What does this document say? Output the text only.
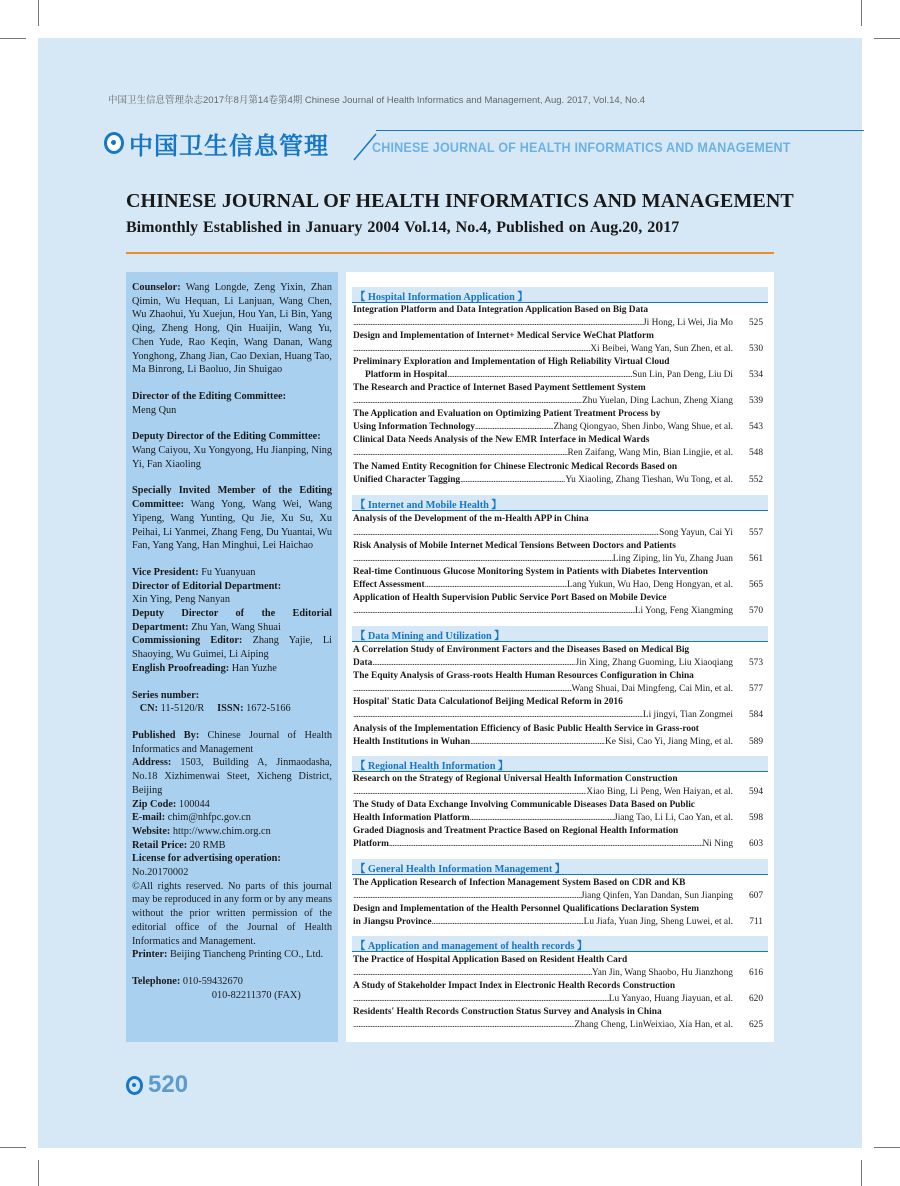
中国卫生信息管理杂志2017年8月第14卷第4期 Chinese Journal of Health Informatics and Management, Aug. 2017, Vol.14, No.4
中国卫生信息管理	CHINESE JOURNAL OF HEALTH INFORMATICS AND MANAGEMENT
CHINESE JOURNAL OF HEALTH INFORMATICS AND MANAGEMENT
Bimonthly Established in January 2004 Vol.14, No.4, Published on Aug.20, 2017

Counselor: Wang Longde, Zeng Yixin, Zhan Qimin, Wu Hequan, Li Lanjuan, Wang Chen, Wu Zhaohui, Yu Xuejun, Hou Yan, Li Bin, Yang Qing, Zheng Hong, Qin Huaijin, Wang Yu, Chen Yude, Rao Keqin, Wang Danan, Wang Yonghong, Zhang Jian, Cao Dexian, Huang Tao, Ma Binrong, Li Baoluo, Jin Shuigao

Director of the Editing Committee:
Meng Qun

Deputy Director of the Editing Committee:
Wang Caiyou, Xu Yongyong, Hu Jianping, Ning Yi, Fan Xiaoling

Specially Invited Member of the Editing Committee: Wang Yong, Wang Wei, Wang Yipeng, Wang Yunting, Qu Jie, Xu Su, Xu Peihai, Li Yanmei, Zhang Feng, Du Yuantai, Wu Fan, Yang Yang, Han Minghui, Lei Haichao

Vice President: Fu Yuanyuan

Director of Editorial Department:
Xin Ying, Peng Nanyan

Deputy Director of the Editorial Department: Zhu Yan, Wang Shuai

Commissioning Editor: Zhang Yajie, Li Shaoying, Wu Guimei, Li Aiping

English Proofreading: Han Yuzhe

Series number:
CN: 11-5120/R ISSN: 1672-5166

Published By: Chinese Journal of Health Informatics and Management

Address: 1503, Building A, Jinmaodasha, No.18 Xizhimenwai Steet, Xicheng District, Beijing

Zip Code: 100044

E-mail: chim@nhfpc.gov.cn

Website: http://www.chim.org.cn

Retail Price: 20 RMB

License for advertising operation:
No.20170002

©All rights reserved. No parts of this journal may be reproduced in any form or by any means without the prior written permission of the editorial office of the Journal of Health Informatics and Management.

Printer: Beijing Tiancheng Printing CO., Ltd.

Telephone: 010-59432670
010-82211370 (FAX)

【 Hospital Information Application 】
Integration Platform and Data Integration Application Based on Big Data
.....
Ji Hong, Li Wei, Jia Mo	525
Design and Implementation of Internet+ Medical Service WeChat Platform
.....
Xi Beibei, Wang Yan, Sun Zhen, et al.	530
Preliminary Exploration and Implementation of High Reliability Virtual Cloud
Platform in Hospital .....	Sun Lin, Pan Deng, Liu Di	534
The Research and Practice of Internet Based Payment Settlement System
.....
Zhu Yuelan, Ding Lachun, Zheng Xiang	539
The Application and Evaluation on Optimizing Patient Treatment Process by
Using Information Technology .....	Zhang Qiongyao, Shen Jinbo, Wang Shue, et al.	543
Clinical Data Needs Analysis of the New EMR Interface in Medical Wards
.....
Ren Zaifang, Wang Min, Bian Lingjie, et al.	548
The Named Entity Recognition for Chinese Electronic Medical Records Based on
Unified Character Tagging .....	Yu Xiaoling, Zhang Tieshan, Wu Tong, et al.	552
【 Internet and Mobile Health 】
Analysis of the Development of the m-Health APP in China
.....
Song Yayun, Cai Yi	557
Risk Analysis of Mobile Internet Medical Tensions Between Doctors and Patients
.....
Ling Ziping, lin Yu, Zhang Juan	561
Real-time Continuous Glucose Monitoring System in Patients with Diabetes Intervention
Effect Assessment .....	Lang Yukun, Wu Hao, Deng Hongyan, et al.	565
Application of Health Supervision Public Service Port Based on Mobile Device
.....
Li Yong, Feng Xiangming	570
【 Data Mining and Utilization 】
A Correlation Study of Environment Factors and the Diseases Based on Medical Big
Data .....	Jin Xing, Zhang Guoming, Liu Xiaoqiang	573
The Equity Analysis of Grass-roots Health Human Resources Configuration in China
.....
Wang Shuai, Dai Mingfeng, Cai Min, et al.	577
Hospital' Static Data Calculationof Beijing Medical Reform in 2016
.....
Li jingyi, Tian Zongmei	584
Analysis of the Implementation Efficiency of Basic Public Health Service in Grass-root
Health Institutions in Wuhan .....	Ke Sisi, Cao Yi, Jiang Ming, et al.	589
【 Regional Health Information 】
Research on the Strategy of Regional Universal Health Information Construction
.....
Xiao Bing, Li Peng, Wen Haiyan, et al.	594
The Study of Data Exchange Involving Communicable Diseases Data Based on Public
Health Information Platform .....	Jiang Tao, Li Li, Cao Yan, et al.	598
Graded Diagnosis and Treatment Practice Based on Regional Health Information
Platform .....	Ni Ning	603
【 General Health Information Management 】
The Application Research of Infection Management System Based on CDR and KB
.....
Jiang Qinfen, Yan Dandan, Sun Jianping	607
Design and Implementation of the Health Personnel Qualifications Declaration System
in Jiangsu Province .....	Lu Jiafa, Yuan Jing, Sheng Luwei, et al.	711
【 Application and management of health records 】
The Practice of Hospital Application Based on Resident Health Card
.....
Yan Jin, Wang Shaobo, Hu Jianzhong	616
A Study of Stakeholder Impact Index in Electronic Health Records Construction
.....
Lu Yanyao, Huang Jiayuan, et al.	620
Residents' Health Records Construction Status Survey and Analysis in China
.....
Zhang Cheng, LinWeixiao, Xia Han, et al.	625
520
